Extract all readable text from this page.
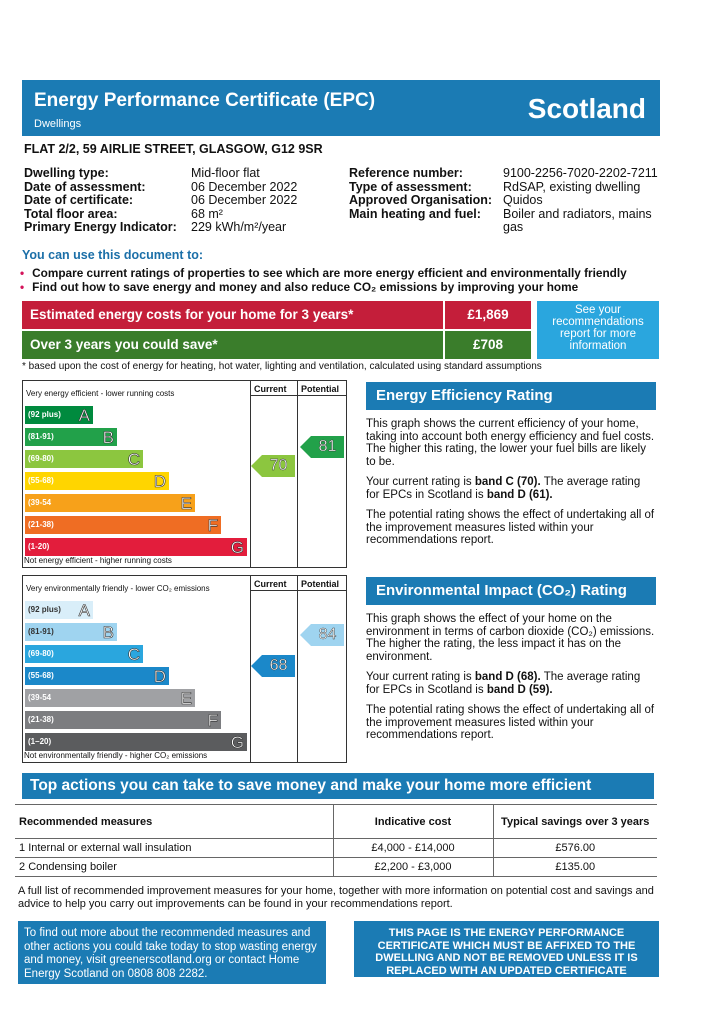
Energy Performance Certificate (EPC)
Dwellings	Scotland
FLAT 2/2, 59 AIRLIE STREET, GLASGOW, G12 9SR
Dwelling type:	Mid-floor flat
Date of assessment:	06 December 2022
Date of certificate:	06 December 2022
Total floor area:	68 m²
Primary Energy Indicator:	229 kWh/m²/year
Reference number:	9100-2256-7020-2202-7211
Type of assessment:	RdSAP, existing dwelling
Approved Organisation: Quidos
Main heating and fuel:	Boiler and radiators, mains
gas
You can use this document to:
• Compare current ratings of properties to see which are more energy efficient and environmentally friendly
• Find out how to save energy and money and also reduce CO₂ emissions by improving your home
Estimated energy costs for your home for 3 years*	£1,869
Over 3 years you could save*	£708
See your recommendations report for more information
* based upon the cost of energy for heating, hot water, lighting and ventilation, calculated using standard assumptions
Very energy efficient - lower running costs	Current Potential
(92 plus) A
(81-91)	B
(69-80)	C
(55-68)	D
(39-54	E
(21-38)	F
(1-20)	G
70
81
Not energy efficient - higher running costs
Very environmentally friendly - lower CO₂ emissions	Current Potential
(92 plus) A
(81-91)	B
(69-80)	C
(55-68)	D
(39-54	E
(21-38)	F
(1–20)	G
68
84
Not environmentally friendly - higher CO₂ emissions
Energy Efficiency Rating
This graph shows the current efficiency of your home, taking into account both energy efficiency and fuel costs. The higher this rating, the lower your fuel bills are likely to be.
Your current rating is band C (70). The average rating for EPCs in Scotland is band D (61).
The potential rating shows the effect of undertaking all of the improvement measures listed within your recommendations report.
Environmental Impact (CO₂) Rating
This graph shows the effect of your home on the environment in terms of carbon dioxide (CO₂) emissions. The higher the rating, the less impact it has on the environment.
Your current rating is band D (68). The average rating for EPCs in Scotland is band D (59).
The potential rating shows the effect of undertaking all of the improvement measures listed within your recommendations report.
Top actions you can take to save money and make your home more efficient
Recommended measures	Indicative cost	Typical savings over 3 years
1 Internal or external wall insulation	£4,000 - £14,000	£576.00
2 Condensing boiler	£2,200 - £3,000	£135.00
A full list of recommended improvement measures for your home, together with more information on potential cost and savings and advice to help you carry out improvements can be found in your recommendations report.
To find out more about the recommended measures and other actions you could take today to stop wasting energy and money, visit greenerscotland.org or contact Home Energy Scotland on 0808 808 2282.
THIS PAGE IS THE ENERGY PERFORMANCE CERTIFICATE WHICH MUST BE AFFIXED TO THE DWELLING AND NOT BE REMOVED UNLESS IT IS REPLACED WITH AN UPDATED CERTIFICATE
